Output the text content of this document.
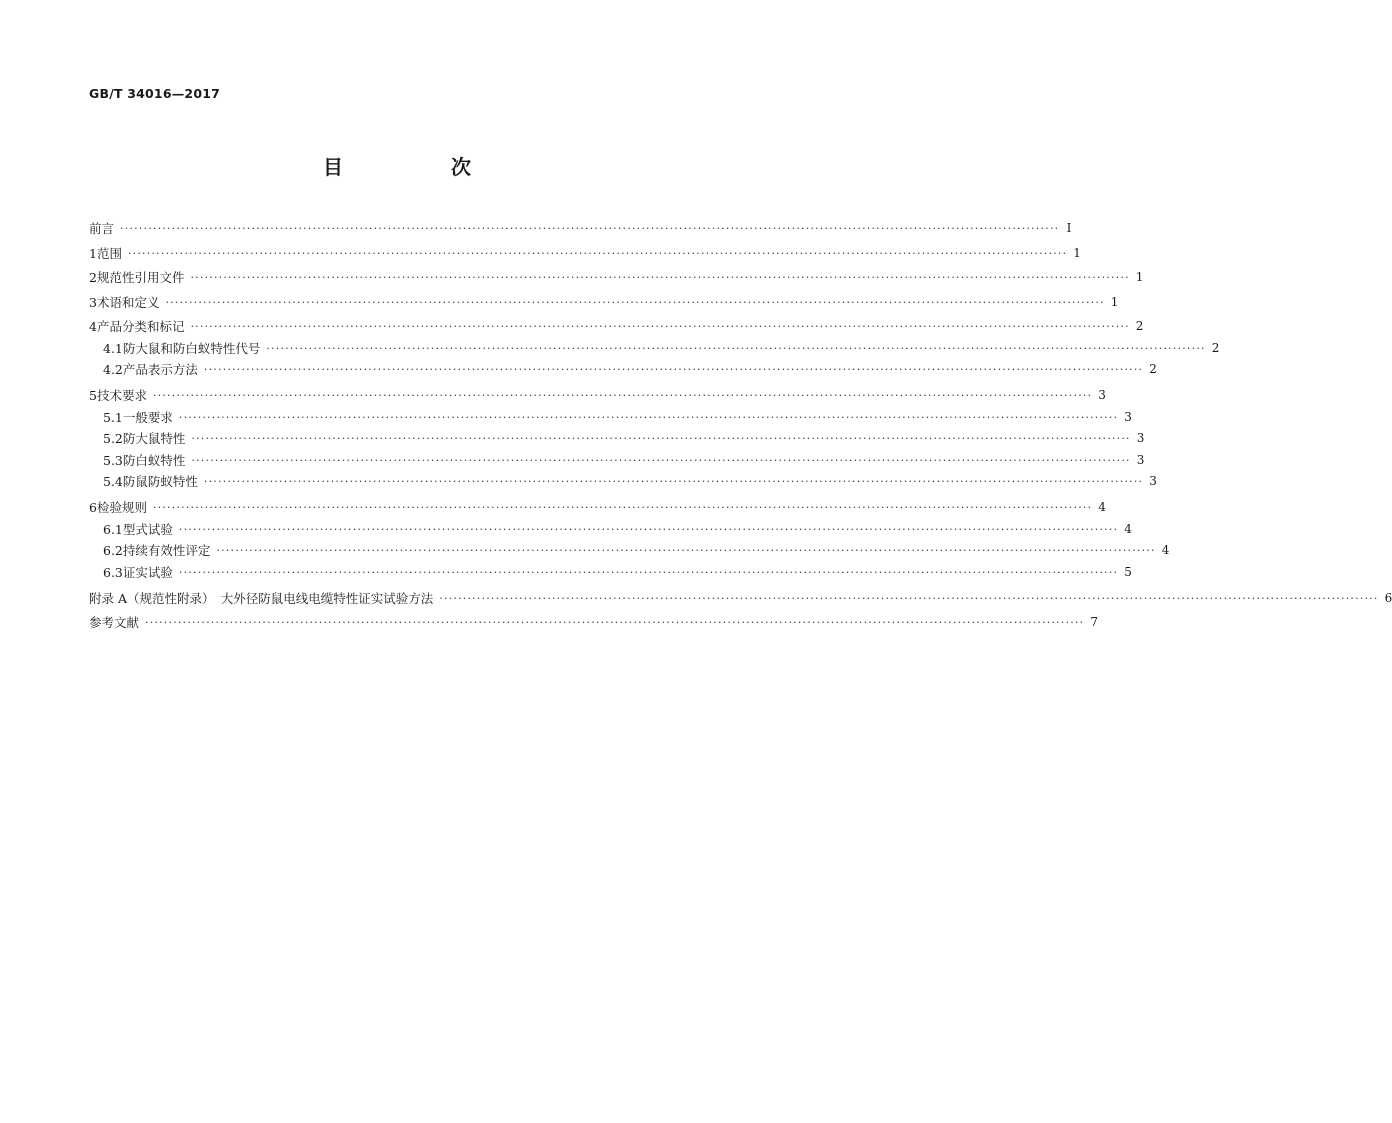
GB/T 34016—2017
目　次
前言 ········································································································································································································ Ⅰ
1 范围 ········································································································································································································ 1
2 规范性引用文件 ········································································································································································································ 1
3 术语和定义 ········································································································································································································ 1
4 产品分类和标记 ········································································································································································································ 2
4.1 防大鼠和防白蚁特性代号 ········································································································································································································ 2
4.2 产品表示方法 ········································································································································································································ 2
5 技术要求 ········································································································································································································ 3
5.1 一般要求 ········································································································································································································ 3
5.2 防大鼠特性 ········································································································································································································ 3
5.3 防白蚁特性 ········································································································································································································ 3
5.4 防鼠防蚁特性 ········································································································································································································ 3
6 检验规则 ········································································································································································································ 4
6.1 型式试验 ········································································································································································································ 4
6.2 持续有效性评定 ········································································································································································································ 4
6.3 证实试验 ········································································································································································································ 5
附录 A（规范性附录）　大外径防鼠电线电缆特性证实试验方法 ········································································································································································································ 6
参考文献 ········································································································································································································ 7
